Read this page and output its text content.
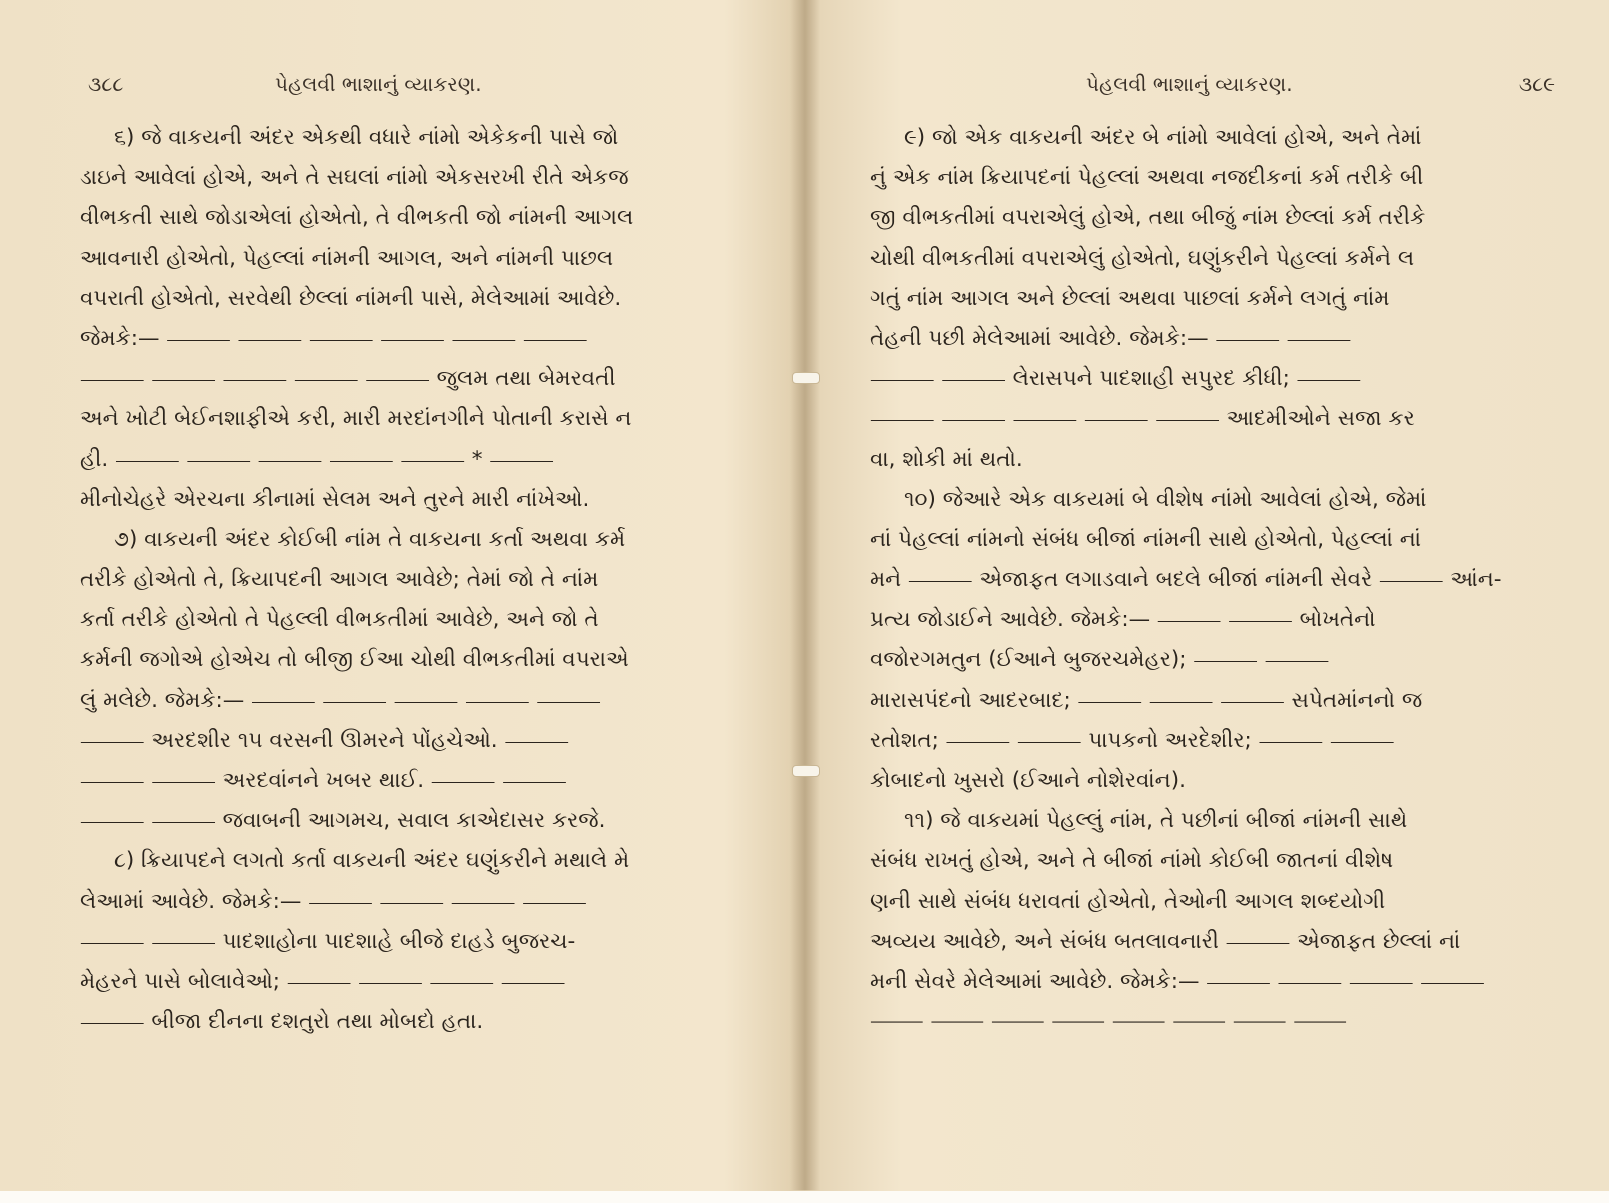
૩૮૮	પેહલવી ભાશાનું વ્યાકરણ.
૬) જે વાકયની અંદર એકથી વધારે નાંમો એકેકની પાસે જો
ડાઇને આવેલાં હોએ, અને તે સઘલાં નાંમો એકસરખી રીતે એકજ
વીભકતી સાથે જોડાએલાં હોએતો, તે વીભકતી જો નાંમની આગલ
આવનારી હોએતો, પેહલ્લાં નાંમની આગલ, અને નાંમની પાછલ
વપરાતી હોએતો, સરવેથી છેલ્લાં નાંમની પાસે, મેલેઆમાં આવેછે.
જેમકે:— ⸻ ⸻ ⸻ ⸻ ⸻ ⸻
⸻ ⸻ ⸻ ⸻ ⸻ જુલમ તથા બેમરવતી
અને ખોટી બેઈનશાફીએ કરી, મારી મરદાંનગીને પોતાની કરાસે ન
હી. ⸻ ⸻ ⸻ ⸻ ⸻ * ⸻
મીનોચેહરે એરચના કીનામાં સેલમ અને તુરને મારી નાંખેઓ.
૭) વાકયની અંદર કોઈબી નાંમ તે વાકયના કર્તા અથવા કર્મ
તરીકે હોએતો તે, ક્રિયાપદની આગલ આવેછે; તેમાં જો તે નાંમ
કર્તા તરીકે હોએતો તે પેહલ્લી વીભકતીમાં આવેછે, અને જો તે
કર્મની જગોએ હોએચ તો બીજી ઈઆ ચોથી વીભકતીમાં વપરાએ
લું મલેછે. જેમકે:— ⸻ ⸻ ⸻ ⸻ ⸻
⸻ અરદશીર ૧૫ વરસની ઊમરને પોંહચેઓ. ⸻
⸻ ⸻ અરદવાંનને ખબર થાઈ. ⸻ ⸻
⸻ ⸻ જવાબની આગમચ, સવાલ કાએદાસર કરજે.
૮) ક્રિયાપદને લગતો કર્તા વાકયની અંદર ઘણુંકરીને મથાલે મે
લેઆમાં આવેછે. જેમકે:— ⸻ ⸻ ⸻ ⸻
⸻ ⸻ પાદશાહોના પાદશાહે બીજે દાહડે બુજરચ-
મેહરને પાસે બોલાવેઓ; ⸻ ⸻ ⸻ ⸻
⸻ બીજા દીનના દશતુરો તથા મોબદો હતા.
પેહલવી ભાશાનું વ્યાકરણ.	૩૮૯
૯) જો એક વાકયની અંદર બે નાંમો આવેલાં હોએ, અને તેમાં
નું એક નાંમ ક્રિયાપદનાં પેહલ્લાં અથવા નજદીકનાં કર્મ તરીકે બી
જી વીભકતીમાં વપરાએલું હોએ, તથા બીજું નાંમ છેલ્લાં કર્મ તરીકે
ચોથી વીભકતીમાં વપરાએલું હોએતો, ઘણુંકરીને પેહલ્લાં કર્મને લ
ગતું નાંમ આગલ અને છેલ્લાં અથવા પાછલાં કર્મને લગતું નાંમ
તેહની પછી મેલેઆમાં આવેછે. જેમકે:— ⸻ ⸻
⸻ ⸻ લેરાસપને પાદશાહી સપુરદ કીધી; ⸻
⸻ ⸻ ⸻ ⸻ ⸻ આદમીઓને સજા કર
વા, શોકી માં થતો.
૧૦) જેઆરે એક વાકયમાં બે વીશેષ નાંમો આવેલાં હોએ, જેમાં
નાં પેહલ્લાં નાંમનો સંબંધ બીજાં નાંમની સાથે હોએતો, પેહલ્લાં નાં
મને ⸻ એજાફત લગાડવાને બદલે બીજાં નાંમની સેવરે ⸻ આંન-
પ્રત્ય જોડાઈને આવેછે. જેમકે:— ⸻ ⸻ બોખતેનો
વજોરગમતુન (ઈઆને બુજરચમેહર); ⸻ ⸻
મારાસપંદનો આદરબાદ; ⸻ ⸻ ⸻ સપેતમાંનનો જ
રતોશત; ⸻ ⸻ પાપકનો અરદેશીર; ⸻ ⸻
કોબાદનો ખુસરો (ઈઆને નોશેરવાંન).
૧૧) જે વાકયમાં પેહલ્લું નાંમ, તે પછીનાં બીજાં નાંમની સાથે
સંબંધ રાખતું હોએ, અને તે બીજાં નાંમો કોઈબી જાતનાં વીશેષ
ણની સાથે સંબંધ ધરાવતાં હોએતો, તેઓની આગલ શબ્દયોગી
અવ્યય આવેછે, અને સંબંધ બતલાવનારી ⸻ એજાફત છેલ્લાં નાં
મની સેવરે મેલેઆમાં આવેછે. જેમકે:— ⸻ ⸻ ⸻ ⸻
⸻ ⸻ ⸻ ⸻ ⸻ ⸻ ⸻ ⸻
